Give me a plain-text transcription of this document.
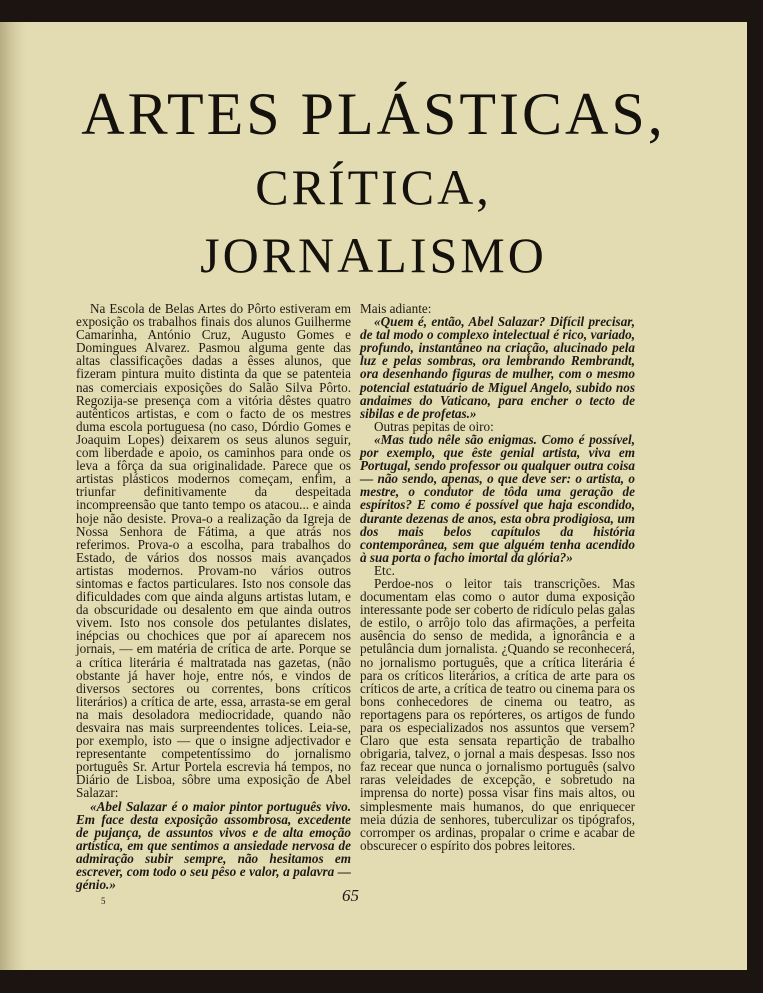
ARTES PLÁSTICAS,
CRÍTICA,
JORNALISMO

Na Escola de Belas Artes do Pôrto estiveram em exposição os trabalhos finais dos alunos Guilherme Camarinha, António Cruz, Augusto Gomes e Domingues Alvarez. Pasmou alguma gente das altas classificações dadas a êsses alunos, que fizeram pintura muito distinta da que se patenteia nas comerciais exposições do Salão Silva Pôrto. Regozija-se presença com a vitória dêstes quatro autênticos artistas, e com o facto de os mestres duma escola portuguesa (no caso, Dórdio Gomes e Joaquim Lopes) deixarem os seus alunos seguir, com liberdade e apoio, os caminhos para onde os leva a fôrça da sua originalidade. Parece que os artistas plásticos modernos começam, enfim, a triunfar definitivamente da despeitada incompreensão que tanto tempo os atacou... e ainda hoje não desiste. Prova-o a realização da Igreja de Nossa Senhora de Fátima, a que atrás nos referimos. Prova-o a escolha, para trabalhos do Estado, de vários dos nossos mais avançados artistas modernos. Provam-no vários outros sintomas e factos particulares. Isto nos console das dificuldades com que ainda alguns artistas lutam, e da obscuridade ou desalento em que ainda outros vivem. Isto nos console dos petulantes dislates, inépcias ou chochices que por aí aparecem nos jornais, — em matéria de crítica de arte. Porque se a crítica literária é maltratada nas gazetas, (não obstante já haver hoje, entre nós, e vindos de diversos sectores ou correntes, bons críticos literários) a crítica de arte, essa, arrasta-se em geral na mais desoladora mediocridade, quando não desvaira nas mais surpreendentes tolices. Leia-se, por exemplo, isto — que o insigne adjectivador e representante competentíssimo do jornalismo português Sr. Artur Portela escrevia há tempos, no Diário de Lisboa, sôbre uma exposição de Abel Salazar:

«Abel Salazar é o maior pintor português vivo. Em face desta exposição assombrosa, excedente de pujança, de assuntos vivos e de alta emoção artística, em que sentimos a ansiedade nervosa de admiração subir sempre, não hesitamos em escrever, com todo o seu pêso e valor, a palavra — génio.»

Mais adiante:

«Quem é, então, Abel Salazar? Difícil precisar, de tal modo o complexo intelectual é rico, variado, profundo, instantâneo na criação, alucinado pela luz e pelas sombras, ora lembrando Rembrandt, ora desenhando figuras de mulher, com o mesmo potencial estatuário de Miguel Angelo, subido nos andaimes do Vaticano, para encher o tecto de sibilas e de profetas.»

Outras pepitas de oiro:

«Mas tudo nêle são enigmas. Como é possível, por exemplo, que êste genial artista, viva em Portugal, sendo professor ou qualquer outra coisa — não sendo, apenas, o que deve ser: o artista, o mestre, o condutor de tôda uma geração de espíritos? E como é possível que haja escondido, durante dezenas de anos, esta obra prodigiosa, um dos mais belos capítulos da história contemporânea, sem que alguém tenha acendido à sua porta o facho imortal da glória?»

Etc.

Perdoe-nos o leitor tais transcrições. Mas documentam elas como o autor duma exposição interessante pode ser coberto de ridículo pelas galas de estilo, o arrôjo tolo das afirmações, a perfeita ausência do senso de medida, a ignorância e a petulância dum jornalista. ¿Quando se reconhecerá, no jornalismo português, que a crítica literária é para os críticos literários, a crítica de arte para os críticos de arte, a crítica de teatro ou cinema para os bons conhecedores de cinema ou teatro, as reportagens para os repórteres, os artigos de fundo para os especializados nos assuntos que versem? Claro que esta sensata repartição de trabalho obrigaria, talvez, o jornal a mais despesas. Isso nos faz recear que nunca o jornalismo português (salvo raras veleidades de excepção, e sobretudo na imprensa do norte) possa visar fins mais altos, ou simplesmente mais humanos, do que enriquecer meia dúzia de senhores, tuberculizar os tipógrafos, corromper os ardinas, propalar o crime e acabar de obscurecer o espírito dos pobres leitores.

5	65
